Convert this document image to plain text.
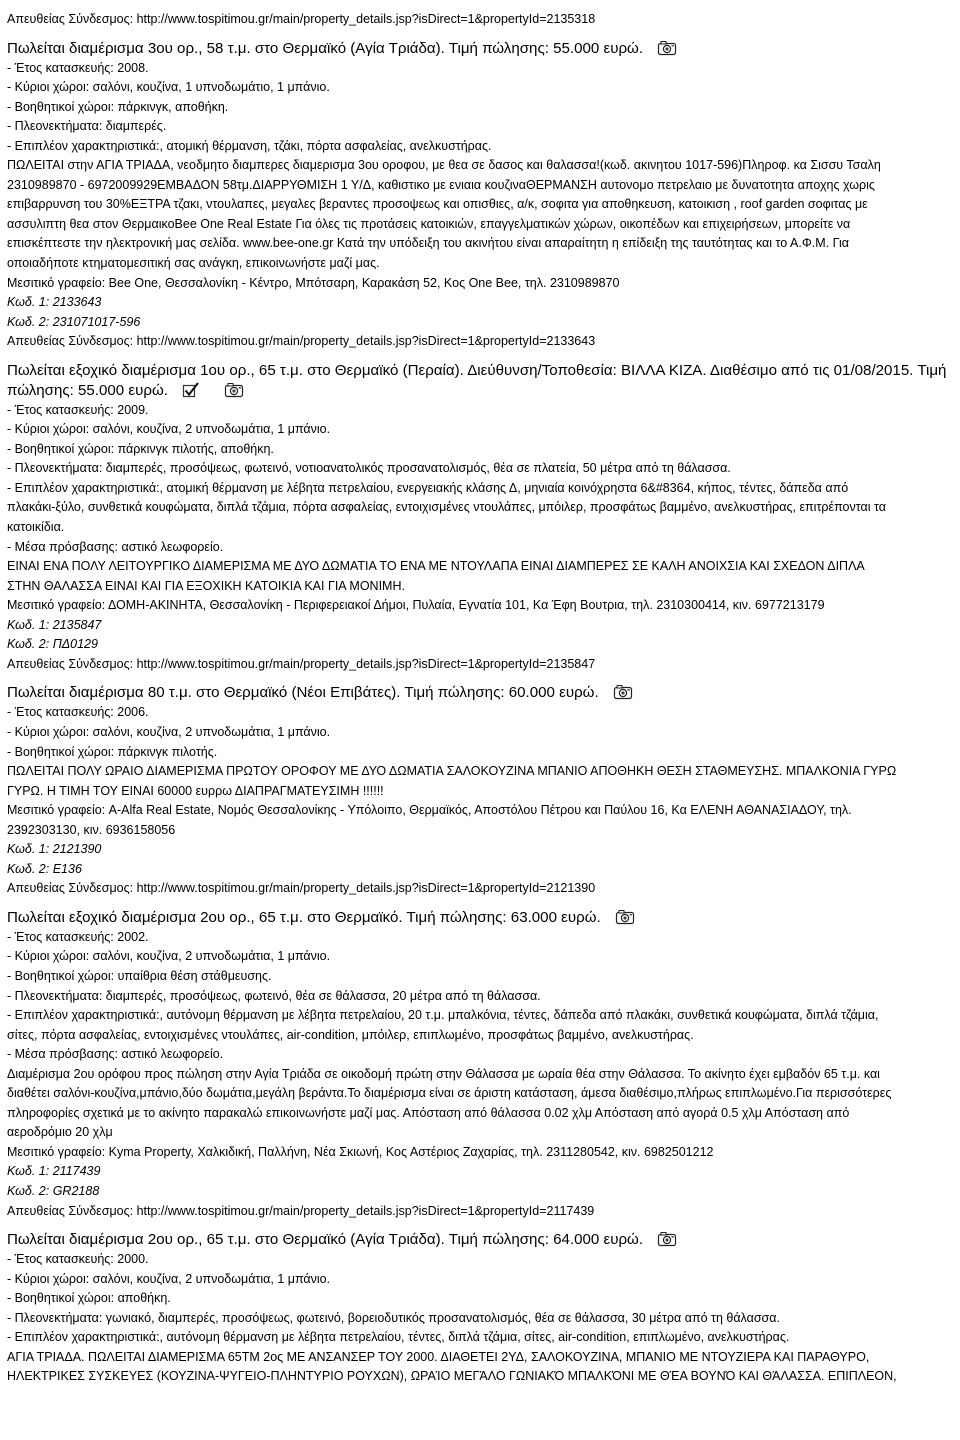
Απευθείας Σύνδεσμος: http://www.tospitimou.gr/main/property_details.jsp?isDirect=1&propertyId=2135318
Πωλείται διαμέρισμα 3ου ορ., 58 τ.μ. στο Θερμαϊκό (Αγία Τριάδα). Τιμή πώλησης: 55.000 ευρώ.
- Έτος κατασκευής: 2008.
- Κύριοι χώροι: σαλόνι, κουζίνα, 1 υπνοδωμάτιο, 1 μπάνιο.
- Βοηθητικοί χώροι: πάρκινγκ, αποθήκη.
- Πλεονεκτήματα: διαμπερές.
- Επιπλέον χαρακτηριστικά:, ατομική θέρμανση, τζάκι, πόρτα ασφαλείας, ανελκυστήρας.
ΠΩΛΕΙΤΑΙ στην ΑΓΙΑ ΤΡΙΑΔΑ, νεοδμητο διαμπερες διαμερισμα 3ου οροφου, με θεα σε δασος και θαλασσα!(κωδ. ακινητου 1017-596)Πληροφ. κα Σισσυ Τσαλη
2310989870 - 6972009929ΕΜΒΑΔΟΝ 58τμ.ΔΙΑΡΡΥΘΜΙΣΗ 1 Υ/Δ, καθιστικο με ενιαια κουζιναΘΕΡΜΑΝΣΗ αυτονομο πετρελαιο με δυνατοτητα αποχης χωρις
επιβαρρυνση του 30%ΕΞΤΡΑ τζακι, ντουλαπες, μεγαλες βεραντες προσοψεως και οπισθιες, α/κ, σοφιτα για αποθηκευση, κατοικιση , roof garden σοφιτας με
ασσυλιπτη θεα στον ΘερμαικοBee One Real Estate Για όλες τις προτάσεις κατοικιών, επαγγελματικών χώρων, οικοπέδων και επιχειρήσεων, μπορείτε να
επισκέπτεστε την ηλεκτρονική μας σελίδα. www.bee-one.gr Κατά την υπόδειξη του ακινήτου είναι απαραίτητη η επίδειξη της ταυτότητας και το Α.Φ.Μ. Για
οποιαδήποτε κτηματομεσιτική σας ανάγκη, επικοινωνήστε μαζί μας.
Μεσιτικό γραφείο: Bee One, Θεσσαλονίκη - Κέντρο, Μπότσαρη, Καρακάση 52, Κος One Bee, τηλ. 2310989870
Κωδ. 1: 2133643
Κωδ. 2: 231071017-596
Απευθείας Σύνδεσμος: http://www.tospitimou.gr/main/property_details.jsp?isDirect=1&propertyId=2133643
Πωλείται εξοχικό διαμέρισμα 1ου ορ., 65 τ.μ. στο Θερμαϊκό (Περαία). Διεύθυνση/Τοποθεσία: ΒΙΛΛΑ ΚΙΖΑ. Διαθέσιμο από τις 01/08/2015. Τιμή
πώλησης: 55.000 ευρώ.
- Έτος κατασκευής: 2009.
- Κύριοι χώροι: σαλόνι, κουζίνα, 2 υπνοδωμάτια, 1 μπάνιο.
- Βοηθητικοί χώροι: πάρκινγκ πιλοτής, αποθήκη.
- Πλεονεκτήματα: διαμπερές, προσόψεως, φωτεινό, νοτιοανατολικός προσανατολισμός, θέα σε πλατεία, 50 μέτρα από τη θάλασσα.
- Επιπλέον χαρακτηριστικά:, ατομική θέρμανση με λέβητα πετρελαίου, ενεργειακής κλάσης Δ, μηνιαία κοινόχρηστα 6&#8364, κήπος, τέντες, δάπεδα από
πλακάκι-ξύλο, συνθετικά κουφώματα, διπλά τζάμια, πόρτα ασφαλείας, εντοιχισμένες ντουλάπες, μπόιλερ, προσφάτως βαμμένο, ανελκυστήρας, επιτρέπονται τα
κατοικίδια.
- Μέσα πρόσβασης: αστικό λεωφορείο.
ΕΙΝΑΙ ΕΝΑ ΠΟΛΥ ΛΕΙΤΟΥΡΓΙΚΟ ΔΙΑΜΕΡΙΣΜΑ ΜΕ ΔΥΟ ΔΩΜΑΤΙΑ ΤΟ ΕΝΑ ΜΕ ΝΤΟΥΛΑΠΑ ΕΙΝΑΙ ΔΙΑΜΠΕΡΕΣ ΣΕ ΚΑΛΗ ΑΝΟΙΧΣΙΑ ΚΑΙ ΣΧΕΔΟΝ ΔΙΠΛΑ
ΣΤΗΝ ΘΑΛΑΣΣΑ ΕΙΝΑΙ ΚΑΙ ΓΙΑ ΕΞΟΧΙΚΗ ΚΑΤΟΙΚΙΑ ΚΑΙ ΓΙΑ ΜΟΝΙΜΗ.
Μεσιτικό γραφείο: ΔΟΜΗ-ΑΚΙΝΗΤΑ, Θεσσαλονίκη - Περιφερειακοί Δήμοι, Πυλαία, Εγνατία 101, Κα Έφη Βουτρια, τηλ. 2310300414, κιν. 6977213179
Κωδ. 1: 2135847
Κωδ. 2: ΠΔ0129
Απευθείας Σύνδεσμος: http://www.tospitimou.gr/main/property_details.jsp?isDirect=1&propertyId=2135847
Πωλείται διαμέρισμα 80 τ.μ. στο Θερμαϊκό (Νέοι Επιβάτες). Τιμή πώλησης: 60.000 ευρώ.
- Έτος κατασκευής: 2006.
- Κύριοι χώροι: σαλόνι, κουζίνα, 2 υπνοδωμάτια, 1 μπάνιο.
- Βοηθητικοί χώροι: πάρκινγκ πιλοτής.
ΠΩΛΕΙΤΑΙ ΠΟΛΥ ΩΡΑΙΟ ΔΙΑΜΕΡΙΣΜΑ ΠΡΩΤΟΥ ΟΡΟΦΟΥ ΜΕ ΔΥΟ ΔΩΜΑΤΙΑ ΣΑΛΟΚΟΥΖΙΝΑ ΜΠΑΝΙΟ ΑΠΟΘΗΚΗ ΘΕΣΗ ΣΤΑΘΜΕΥΣΗΣ. ΜΠΑΛΚΟΝΙΑ ΓΥΡΩ
ΓΥΡΩ. Η ΤΙΜΗ ΤΟΥ ΕΙΝΑΙ 60000 ευρρω ΔΙΑΠΡΑΓΜΑΤΕΥΣΙΜΗ !!!!!!
Μεσιτικό γραφείο: A-Alfa Real Estate, Νομός Θεσσαλονίκης - Υπόλοιπο, Θερμαϊκός, Αποστόλου Πέτρου και Παύλου 16, Κα ΕΛΕΝΗ ΑΘΑΝΑΣΙΑΔΟΥ, τηλ.
2392303130, κιν. 6936158056
Κωδ. 1: 2121390
Κωδ. 2: Ε136
Απευθείας Σύνδεσμος: http://www.tospitimou.gr/main/property_details.jsp?isDirect=1&propertyId=2121390
Πωλείται εξοχικό διαμέρισμα 2ου ορ., 65 τ.μ. στο Θερμαϊκό. Τιμή πώλησης: 63.000 ευρώ.
- Έτος κατασκευής: 2002.
- Κύριοι χώροι: σαλόνι, κουζίνα, 2 υπνοδωμάτια, 1 μπάνιο.
- Βοηθητικοί χώροι: υπαίθρια θέση στάθμευσης.
- Πλεονεκτήματα: διαμπερές, προσόψεως, φωτεινό, θέα σε θάλασσα, 20 μέτρα από τη θάλασσα.
- Επιπλέον χαρακτηριστικά:, αυτόνομη θέρμανση με λέβητα πετρελαίου, 20 τ.μ. μπαλκόνια, τέντες, δάπεδα από πλακάκι, συνθετικά κουφώματα, διπλά τζάμια,
σίτες, πόρτα ασφαλείας, εντοιχισμένες ντουλάπες, air-condition, μπόιλερ, επιπλωμένο, προσφάτως βαμμένο, ανελκυστήρας.
- Μέσα πρόσβασης: αστικό λεωφορείο.
Διαμέρισμα 2ου ορόφου προς πώληση στην Αγία Τριάδα σε οικοδομή πρώτη στην Θάλασσα με ωραία θέα στην Θάλασσα. Το ακίνητο έχει εμβαδόν 65 τ.μ. και
διαθέτει σαλόνι-κουζίνα,μπάνιο,δύο δωμάτια,μεγάλη βεράντα.Το διαμέρισμα είναι σε άριστη κατάσταση, άμεσα διαθέσιμο,πλήρως επιπλωμένο.Για περισσότερες
πληροφορίες σχετικά με το ακίνητο παρακαλώ επικοινωνήστε μαζί μας. Απόσταση από θάλασσα 0.02 χλμ Απόσταση από αγορά 0.5 χλμ Απόσταση από
αεροδρόμιο 20 χλμ
Μεσιτικό γραφείο: Kyma Property, Χαλκιδική, Παλλήνη, Νέα Σκιωνή, Κος Αστέριος Ζαχαρίας, τηλ. 2311280542, κιν. 6982501212
Κωδ. 1: 2117439
Κωδ. 2: GR2188
Απευθείας Σύνδεσμος: http://www.tospitimou.gr/main/property_details.jsp?isDirect=1&propertyId=2117439
Πωλείται διαμέρισμα 2ου ορ., 65 τ.μ. στο Θερμαϊκό (Αγία Τριάδα). Τιμή πώλησης: 64.000 ευρώ.
- Έτος κατασκευής: 2000.
- Κύριοι χώροι: σαλόνι, κουζίνα, 2 υπνοδωμάτια, 1 μπάνιο.
- Βοηθητικοί χώροι: αποθήκη.
- Πλεονεκτήματα: γωνιακό, διαμπερές, προσόψεως, φωτεινό, βορειοδυτικός προσανατολισμός, θέα σε θάλασσα, 30 μέτρα από τη θάλασσα.
- Επιπλέον χαρακτηριστικά:, αυτόνομη θέρμανση με λέβητα πετρελαίου, τέντες, διπλά τζάμια, σίτες, air-condition, επιπλωμένο, ανελκυστήρας.
ΑΓΙΑ ΤΡΙΑΔΑ. ΠΩΛΕΙΤΑΙ ΔΙΑΜΕΡΙΣΜΑ 65ΤΜ 2ος ΜΕ ΑΝΣΑΝΣΕΡ ΤΟΥ 2000. ΔΙΑΘΕΤΕΙ 2ΥΔ, ΣΑΛΟΚΟΥΖΙΝΑ, ΜΠΑΝΙΟ ΜΕ ΝΤΟΥΖΙΕΡΑ ΚΑΙ ΠΑΡΑΘΥΡΟ,
ΗΛΕΚΤΡΙΚΕΣ ΣΥΣΚΕΥΕΣ (ΚΟΥΖΙΝΑ-ΨΥΓΕΙΟ-ΠΛΗΝΤΥΡΙΟ ΡΟΥΧΩΝ), ΩΡΑΊΟ ΜΕΓΆΛΟ ΓΩΝΙΑΚΌ ΜΠΑΛΚΌΝΙ ΜΕ ΘΈΑ ΒΟΥΝΌ ΚΑΙ ΘΆΛΑΣΣΑ. ΕΠΙΠΛΕΟΝ,
